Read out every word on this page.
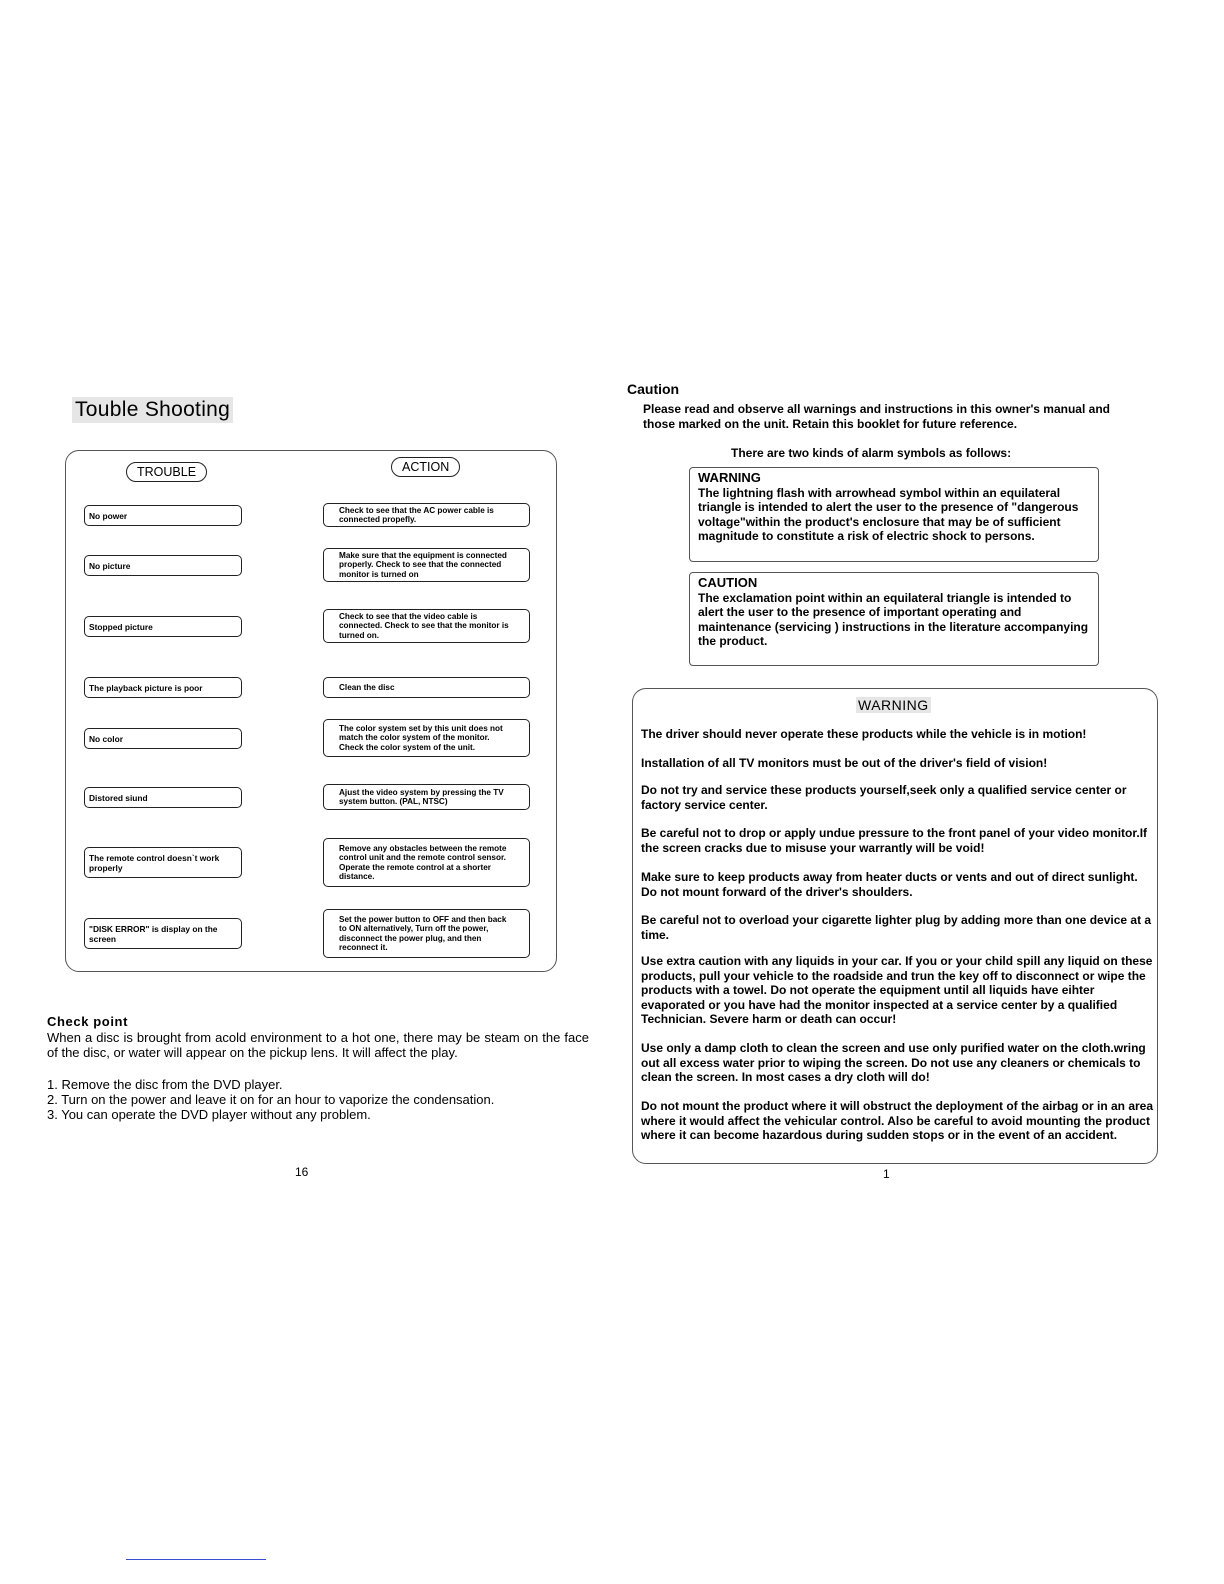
Touble Shooting
TROUBLE	ACTION
No power
No picture
Stopped picture
The playback picture is poor
No color
Distored siund
The remote control doesn`t work properly
"DISK ERROR" is display on the screen
Check to see that the AC power cable is connected propefly.
Make sure that the equipment is connected properly. Check to see that the connected monitor is turned on
Check to see that the video cable is connected. Check to see that the monitor is turned on.
Clean the disc
The color system set by this unit does not match the color system of the monitor. Check the color system of the unit.
Ajust the video system by pressing the TV system button. (PAL, NTSC)
Remove any obstacles between the remote control unit and the remote control sensor. Operate the remote control at a shorter distance.
Set the power button to OFF and then back to ON alternatively, Turn off the power, disconnect the power plug, and then reconnect it.
Check point
When a disc is brought from acold environment to a hot one, there may be steam on the face of the disc, or water will appear on the pickup lens. It will affect the play.
1. Remove the disc from the DVD player.
2. Turn on the power and leave it on for an hour to vaporize the condensation.
3. You can operate the DVD player without any problem.
16
Caution
Please read and observe all warnings and instructions in this owner's manual and those marked on the unit. Retain this booklet for future reference.
There are two kinds of alarm symbols as follows:
WARNING
The lightning flash with arrowhead symbol within an equilateral triangle is intended to alert the user to the presence of "dangerous voltage"within the product's enclosure that may be of sufficient magnitude to constitute a risk of electric shock to persons.
CAUTION
The exclamation point within an equilateral triangle is intended to alert the user to the presence of important operating and maintenance (servicing ) instructions in the literature accompanying the product.
WARNING
The driver should never operate these products while the vehicle is in motion!
Installation of all TV monitors must be out of the driver's field of vision!
Do not try and service these products yourself,seek only a qualified service center or factory service center.
Be careful not to drop or apply undue pressure to the front panel of your video monitor.If the screen cracks due to misuse your warrantly will be void!
Make sure to keep products away from heater ducts or vents and out of direct sunlight. Do not mount forward of the driver's shoulders.
Be careful not to overload your cigarette lighter plug by adding more than one device at a time.
Use extra caution with any liquids in your car. If you or your child spill any liquid on these products, pull your vehicle to the roadside and trun the key off to disconnect or wipe the products with a towel. Do not operate the equipment until all liquids have eihter evaporated or you have had the monitor inspected at a service center by a qualified Technician. Severe harm or death can occur!
Use only a damp cloth to clean the screen and use only purified water on the cloth.wring out all excess water prior to wiping the screen. Do not use any cleaners or chemicals to clean the screen. In most cases a dry cloth will do!
Do not mount the product where it will obstruct the deployment of the airbag or in an area where it would affect the vehicular control. Also be careful to avoid mounting the product where it can become hazardous during sudden stops or in the event of an accident.
1
